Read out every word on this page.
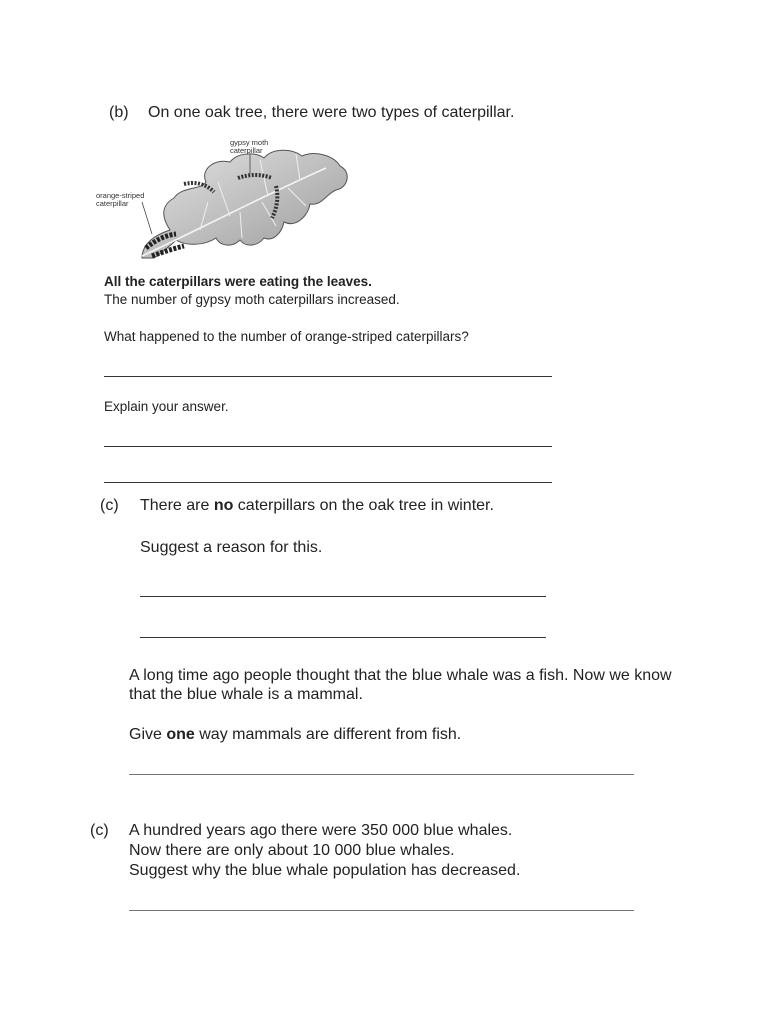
(b) On one oak tree, there were two types of caterpillar.
gypsy moth
caterpillar
orange-striped
caterpillar
All the caterpillars were eating the leaves.
The number of gypsy moth caterpillars increased.
What happened to the number of orange-striped caterpillars?
Explain your answer.
(c) There are no caterpillars on the oak tree in winter.
Suggest a reason for this.
A long time ago people thought that the blue whale was a fish. Now we know
that the blue whale is a mammal.
Give one way mammals are different from fish.
(c) A hundred years ago there were 350 000 blue whales.
Now there are only about 10 000 blue whales.
Suggest why the blue whale population has decreased.
